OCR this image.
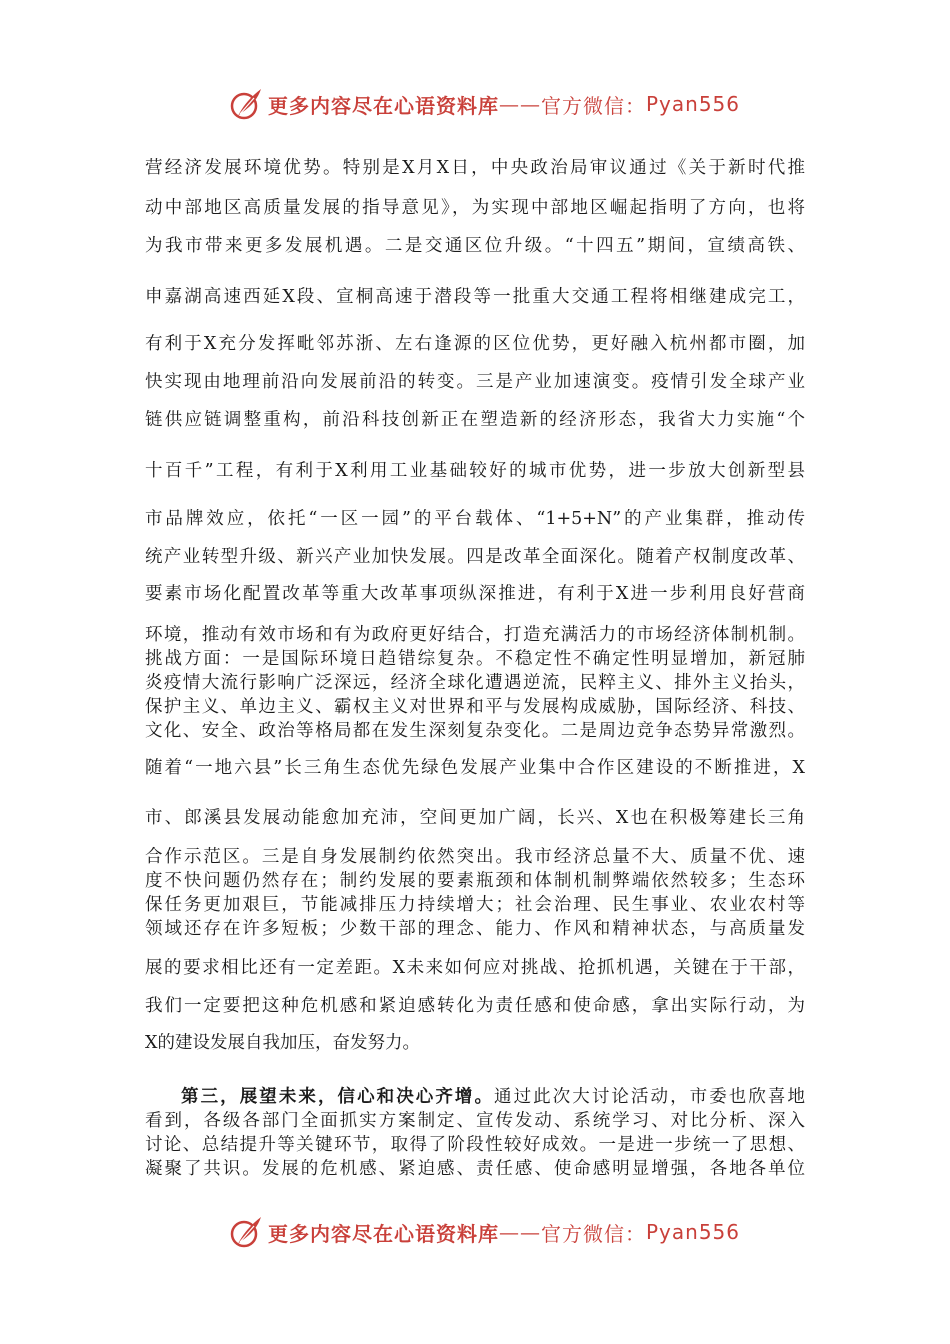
更多内容尽在心语资料库 —— 官方微信： Pyan556
营经济发展环境优势。特别是X月X日，中央政治局审议通过《关于新时代推
动中部地区高质量发展的指导意见》，为实现中部地区崛起指明了方向，也将
为我市带来更多发展机遇。二是交通区位升级。“十四五”期间，宣绩高铁、
申嘉湖高速西延X段、宣桐高速于潜段等一批重大交通工程将相继建成完工，
有利于X充分发挥毗邻苏浙、左右逢源的区位优势，更好融入杭州都市圈，加
快实现由地理前沿向发展前沿的转变。三是产业加速演变。疫情引发全球产业
链供应链调整重构，前沿科技创新正在塑造新的经济形态，我省大力实施“个
十百千”工程，有利于X利用工业基础较好的城市优势，进一步放大创新型县
市品牌效应，依托“一区一园”的平台载体、“1+5+N”的产业集群，推动传
统产业转型升级、新兴产业加快发展。四是改革全面深化。随着产权制度改革、
要素市场化配置改革等重大改革事项纵深推进，有利于X进一步利用良好营商
环境，推动有效市场和有为政府更好结合，打造充满活力的市场经济体制机制。
挑战方面：一是国际环境日趋错综复杂。不稳定性不确定性明显增加，新冠肺
炎疫情大流行影响广泛深远，经济全球化遭遇逆流，民粹主义、排外主义抬头，
保护主义、单边主义、霸权主义对世界和平与发展构成威胁，国际经济、科技、
文化、安全、政治等格局都在发生深刻复杂变化。二是周边竞争态势异常激烈。
随着“一地六县”长三角生态优先绿色发展产业集中合作区建设的不断推进，X
市、郎溪县发展动能愈加充沛，空间更加广阔，长兴、X也在积极筹建长三角
合作示范区。三是自身发展制约依然突出。我市经济总量不大、质量不优、速
度不快问题仍然存在；制约发展的要素瓶颈和体制机制弊端依然较多；生态环
保任务更加艰巨，节能减排压力持续增大；社会治理、民生事业、农业农村等
领域还存在许多短板；少数干部的理念、能力、作风和精神状态，与高质量发
展的要求相比还有一定差距。X未来如何应对挑战、抢抓机遇，关键在于干部，
我们一定要把这种危机感和紧迫感转化为责任感和使命感，拿出实际行动，为
X的建设发展自我加压，奋发努力。
第三，展望未来，信心和决心齐增。通过此次大讨论活动，市委也欣喜地
看到，各级各部门全面抓实方案制定、宣传发动、系统学习、对比分析、深入
讨论、总结提升等关键环节，取得了阶段性较好成效。一是进一步统一了思想、
凝聚了共识。发展的危机感、紧迫感、责任感、使命感明显增强，各地各单位
更多内容尽在心语资料库 —— 官方微信： Pyan556
